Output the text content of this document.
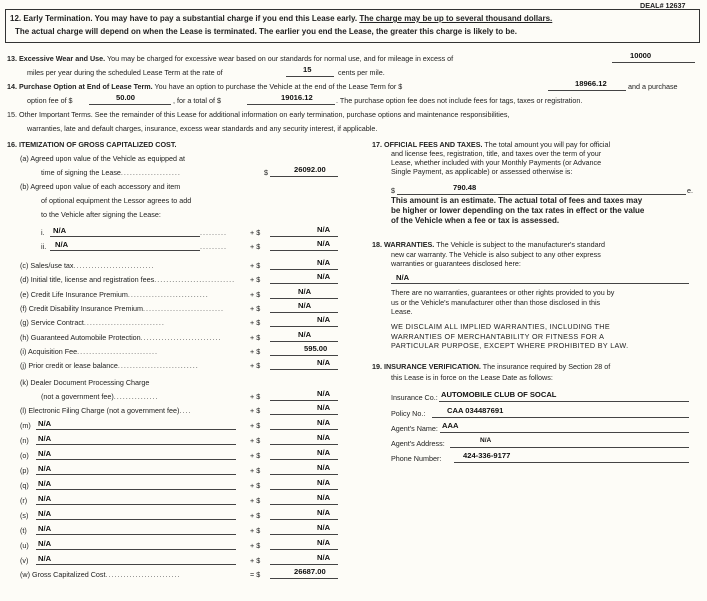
DEAL# 12637
12. Early Termination. You may have to pay a substantial charge if you end this Lease early. The charge may be up to several thousand dollars.
The actual charge will depend on when the Lease is terminated. The earlier you end the Lease, the greater this charge is likely to be.
13. Excessive Wear and Use. You may be charged for excessive wear based on our standards for normal use, and for mileage in excess of	10000
miles per year during the scheduled Lease Term at the rate of	15	cents per mile.
14. Purchase Option at End of Lease Term. You have an option to purchase the Vehicle at the end of the Lease Term for $	18966.12	and a purchase
option fee of $	50.00	, for a total of $	19016.12	. The purchase option fee does not include fees for tags, taxes or registration.
15. Other Important Terms. See the remainder of this Lease for additional information on early termination, purchase options and maintenance responsibilities,
warranties, late and default charges, insurance, excess wear standards and any security interest, if applicable.
16. ITEMIZATION OF GROSS CAPITALIZED COST.
(a) Agreed upon value of the Vehicle as equipped at
time of signing the Lease....................	$	26092.00
(b) Agreed upon value of each accessory and item
of optional equipment the Lessor agrees to add
to the Vehicle after signing the Lease:
i. N/A	.........	+ $	N/A
ii. N/A	.........	+ $	N/A
(c) Sales/use tax...........................	+ $	N/A
(d) Initial title, license and registration fees...........................	+ $	N/A
(e) Credit Life Insurance Premium...........................	+ $	N/A
(f) Credit Disability Insurance Premium...........................	+ $	N/A
(g) Service Contract...........................	+ $	N/A
(h) Guaranteed Automobile Protection...........................	+ $	N/A
(i) Acquisition Fee...........................	+ $	595.00
(j) Prior credit or lease balance...........................	+ $	N/A
(k) Dealer Document Processing Charge
(not a government fee)...............	+ $	N/A
(l) Electronic Filing Charge (not a government fee)....	+ $	N/A
(m) N/A	+ $	N/A
(n) N/A	+ $	N/A
(o) N/A	+ $	N/A
(p) N/A	+ $	N/A
(q) N/A	+ $	N/A
(r) N/A	+ $	N/A
(s) N/A	+ $	N/A
(t) N/A	+ $	N/A
(u) N/A	+ $	N/A
(v) N/A	+ $	N/A
(w) Gross Capitalized Cost.........................	= $	26687.00
17. OFFICIAL FEES AND TAXES. The total amount you will pay for official
and license fees, registration, title, and taxes over the term of your
Lease, whether included with your Monthly Payments (or Advance
Single Payment, as applicable) or assessed otherwise is:
$	790.48	e.
This amount is an estimate. The actual total of fees and taxes may
be higher or lower depending on the tax rates in effect or the value
of the Vehicle when a fee or tax is assessed.
18. WARRANTIES. The Vehicle is subject to the manufacturer's standard
new car warranty. The Vehicle is also subject to any other express
warranties or guarantees disclosed here:
N/A
There are no warranties, guarantees or other rights provided to you by
us or the Vehicle's manufacturer other than those disclosed in this
Lease.
WE DISCLAIM ALL IMPLIED WARRANTIES, INCLUDING THE
WARRANTIES OF MERCHANTABILITY OR FITNESS FOR A
PARTICULAR PURPOSE, EXCEPT WHERE PROHIBITED BY LAW.
19. INSURANCE VERIFICATION. The insurance required by Section 28 of
this Lease is in force on the Lease Date as follows:
Insurance Co.: AUTOMOBILE CLUB OF SOCAL
Policy No.:	CAA 034487691
Agent's Name: AAA
Agent's Address:	N/A
Phone Number:	424-336-9177
